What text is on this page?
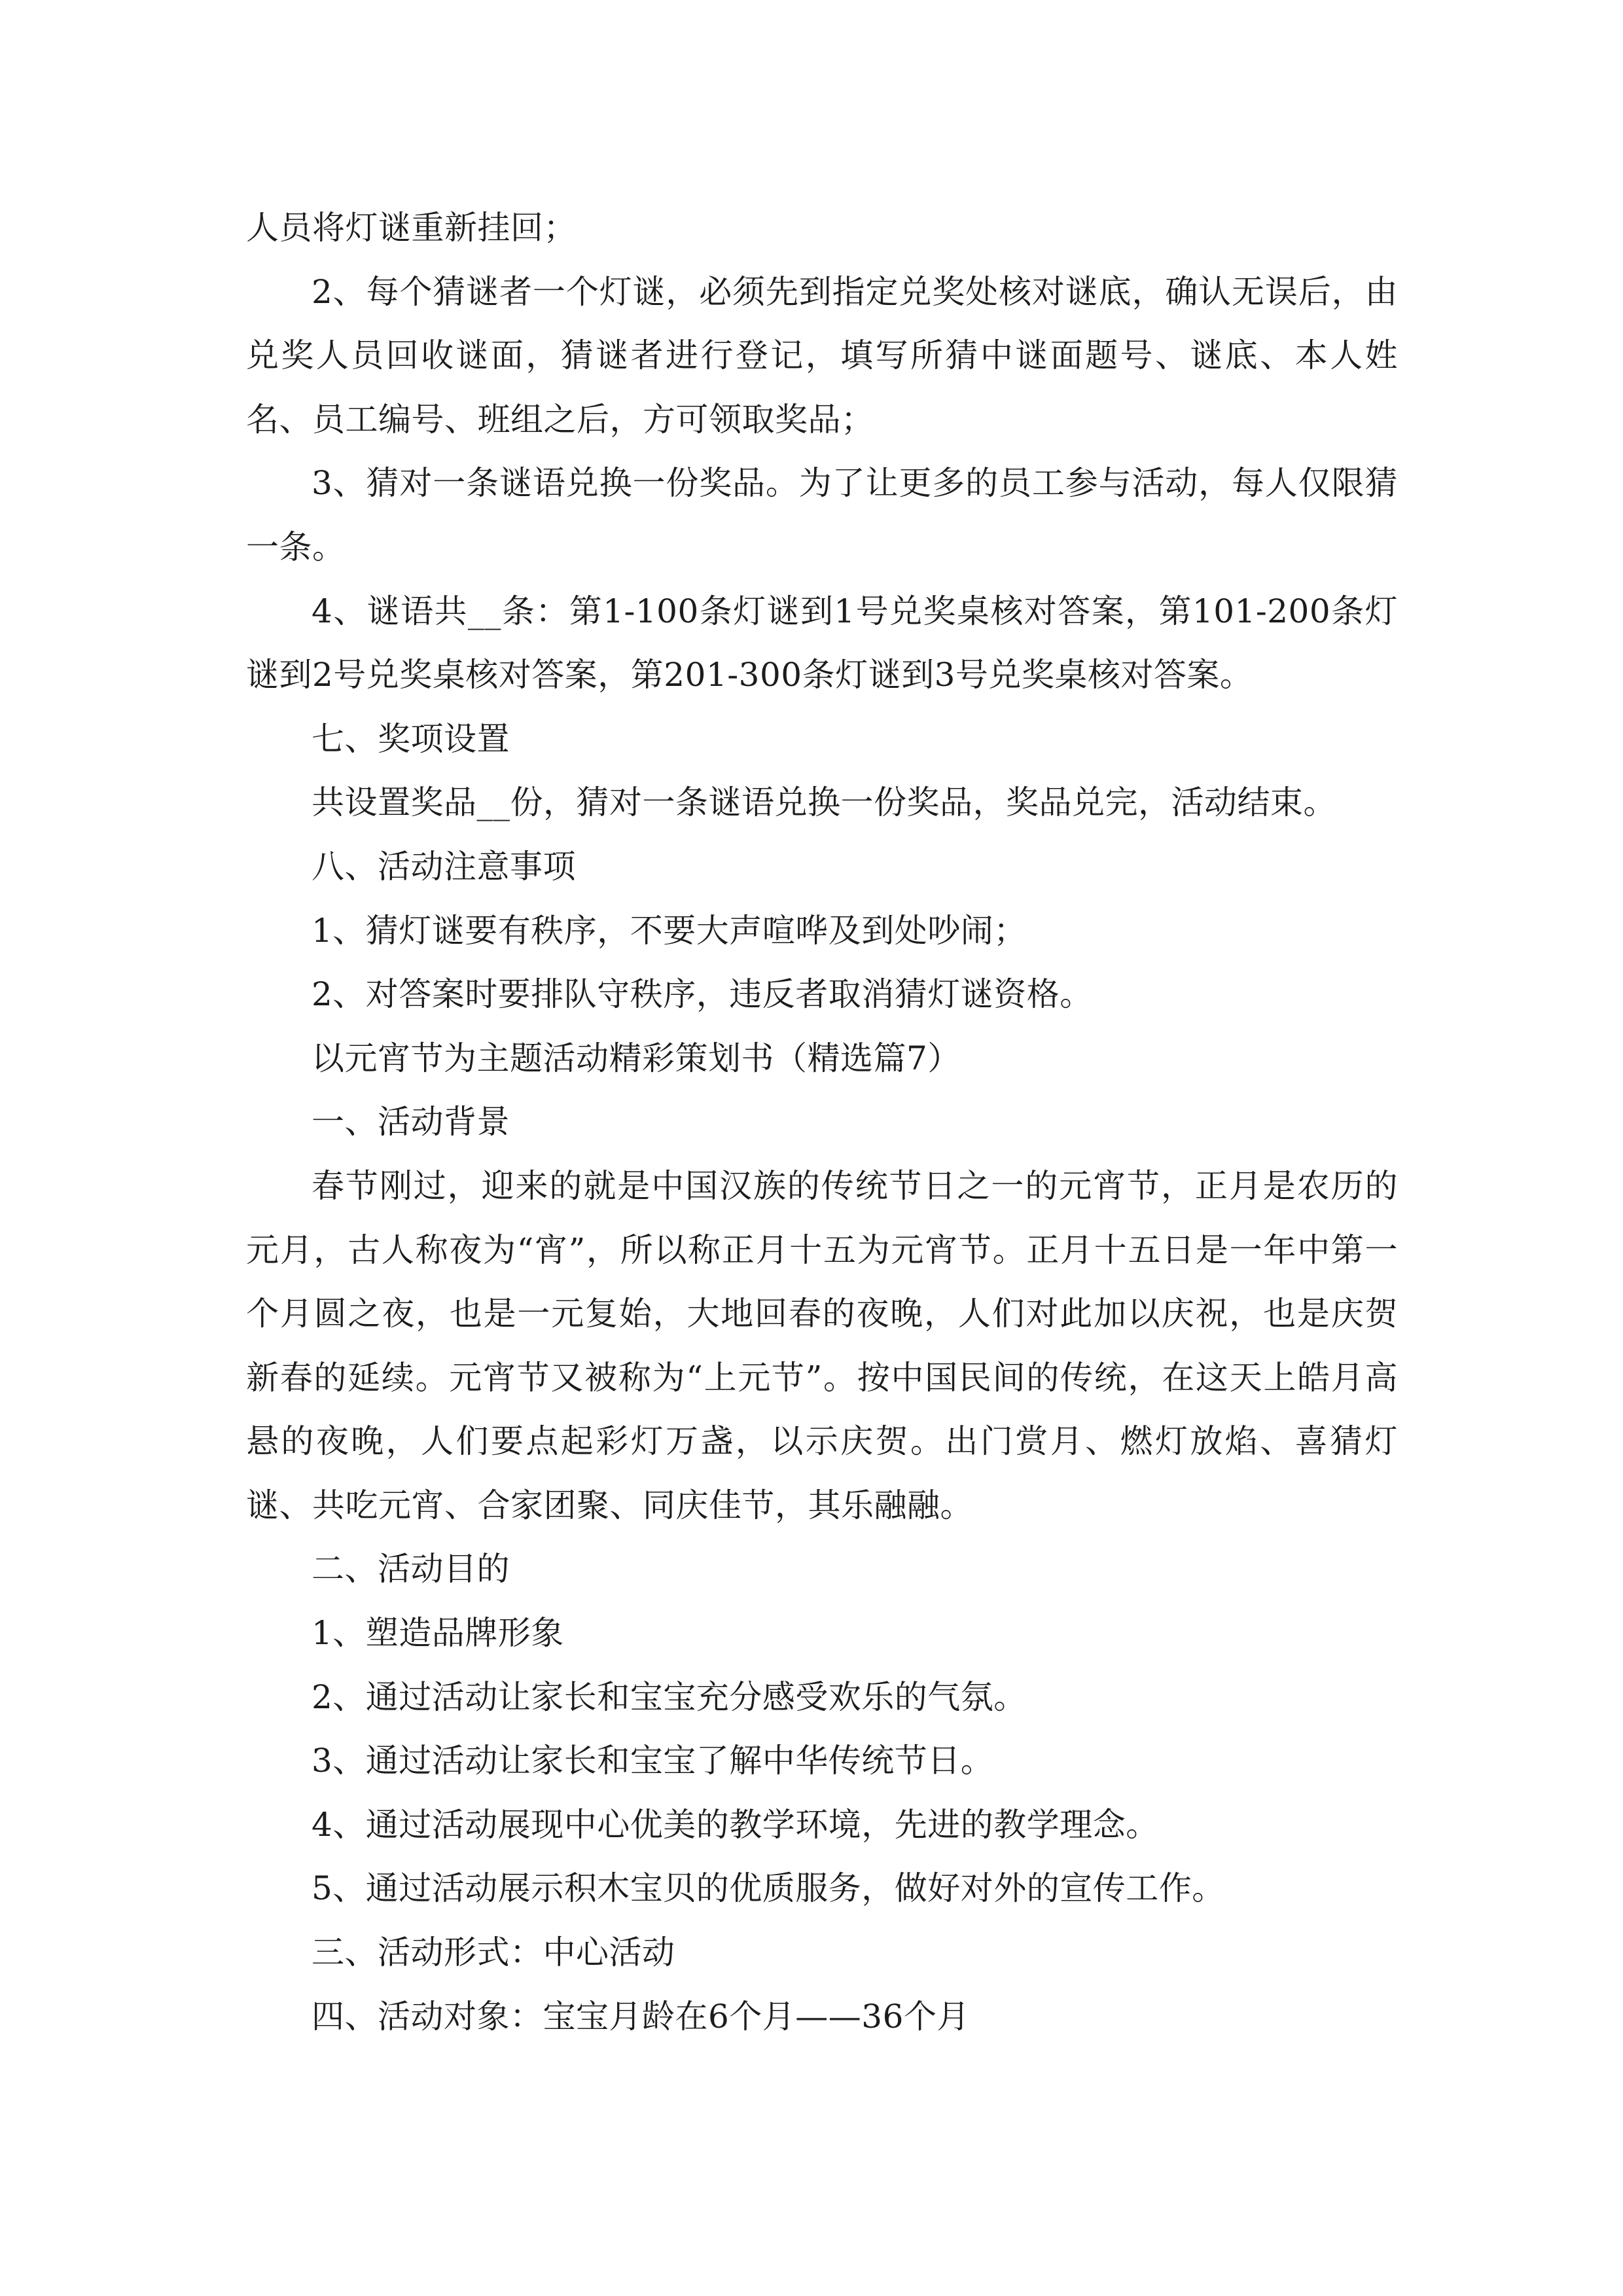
人员将灯谜重新挂回；

2、每个猜谜者一个灯谜，必须先到指定兑奖处核对谜底，确认无误后，由兑奖人员回收谜面，猜谜者进行登记，填写所猜中谜面题号、谜底、本人姓名、员工编号、班组之后，方可领取奖品；

3、猜对一条谜语兑换一份奖品。为了让更多的员工参与活动，每人仅限猜一条。

4、谜语共__条：第1-100条灯谜到1号兑奖桌核对答案，第101-200条灯谜到2号兑奖桌核对答案，第201-300条灯谜到3号兑奖桌核对答案。

七、奖项设置

共设置奖品__份，猜对一条谜语兑换一份奖品，奖品兑完，活动结束。

八、活动注意事项

1、猜灯谜要有秩序，不要大声喧哗及到处吵闹；

2、对答案时要排队守秩序，违反者取消猜灯谜资格。

以元宵节为主题活动精彩策划书（精选篇7）

一、活动背景

春节刚过，迎来的就是中国汉族的传统节日之一的元宵节，正月是农历的元月，古人称夜为“宵”，所以称正月十五为元宵节。正月十五日是一年中第一个月圆之夜，也是一元复始，大地回春的夜晚，人们对此加以庆祝，也是庆贺新春的延续。元宵节又被称为“上元节”。按中国民间的传统，在这天上皓月高悬的夜晚，人们要点起彩灯万盏，以示庆贺。出门赏月、燃灯放焰、喜猜灯谜、共吃元宵、合家团聚、同庆佳节，其乐融融。

二、活动目的

1、塑造品牌形象

2、通过活动让家长和宝宝充分感受欢乐的气氛。

3、通过活动让家长和宝宝了解中华传统节日。

4、通过活动展现中心优美的教学环境，先进的教学理念。

5、通过活动展示积木宝贝的优质服务，做好对外的宣传工作。

三、活动形式：中心活动

四、活动对象：宝宝月龄在6个月——36个月
